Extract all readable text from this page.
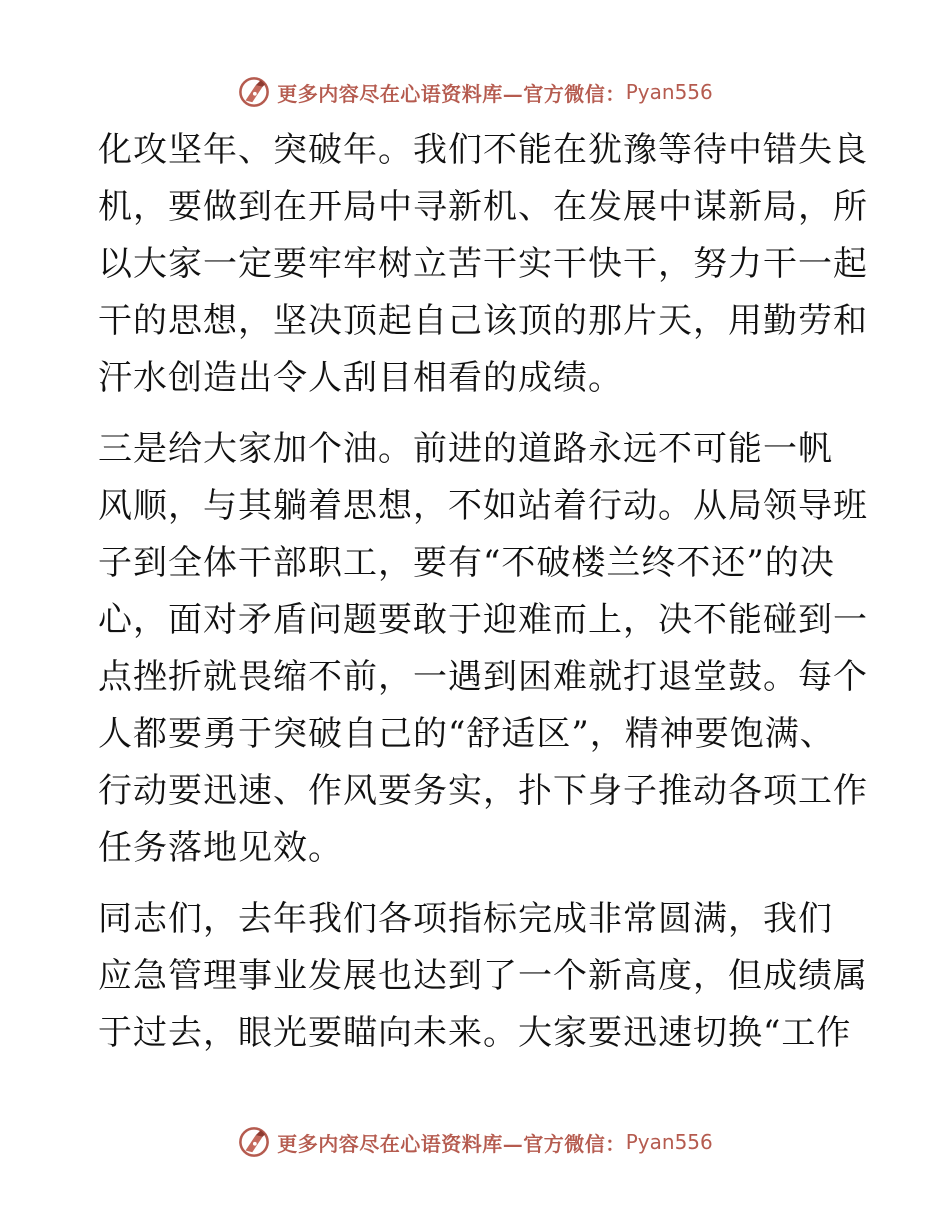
更多内容尽在心语资料库—官方微信： Pyan556

化攻坚年、突破年。我们不能在犹豫等待中错失良
机，要做到在开局中寻新机、在发展中谋新局，所
以大家一定要牢牢树立苦干实干快干，努力干一起
干的思想，坚决顶起自己该顶的那片天，用勤劳和
汗水创造出令人刮目相看的成绩。

三是给大家加个油。前进的道路永远不可能一帆
风顺，与其躺着思想，不如站着行动。从局领导班
子到全体干部职工，要有“不破楼兰终不还”的决
心，面对矛盾问题要敢于迎难而上，决不能碰到一
点挫折就畏缩不前，一遇到困难就打退堂鼓。每个
人都要勇于突破自己的“舒适区”，精神要饱满、
行动要迅速、作风要务实，扑下身子推动各项工作
任务落地见效。

同志们，去年我们各项指标完成非常圆满，我们
应急管理事业发展也达到了一个新高度，但成绩属
于过去，眼光要瞄向未来。大家要迅速切换“工作

更多内容尽在心语资料库—官方微信： Pyan556
